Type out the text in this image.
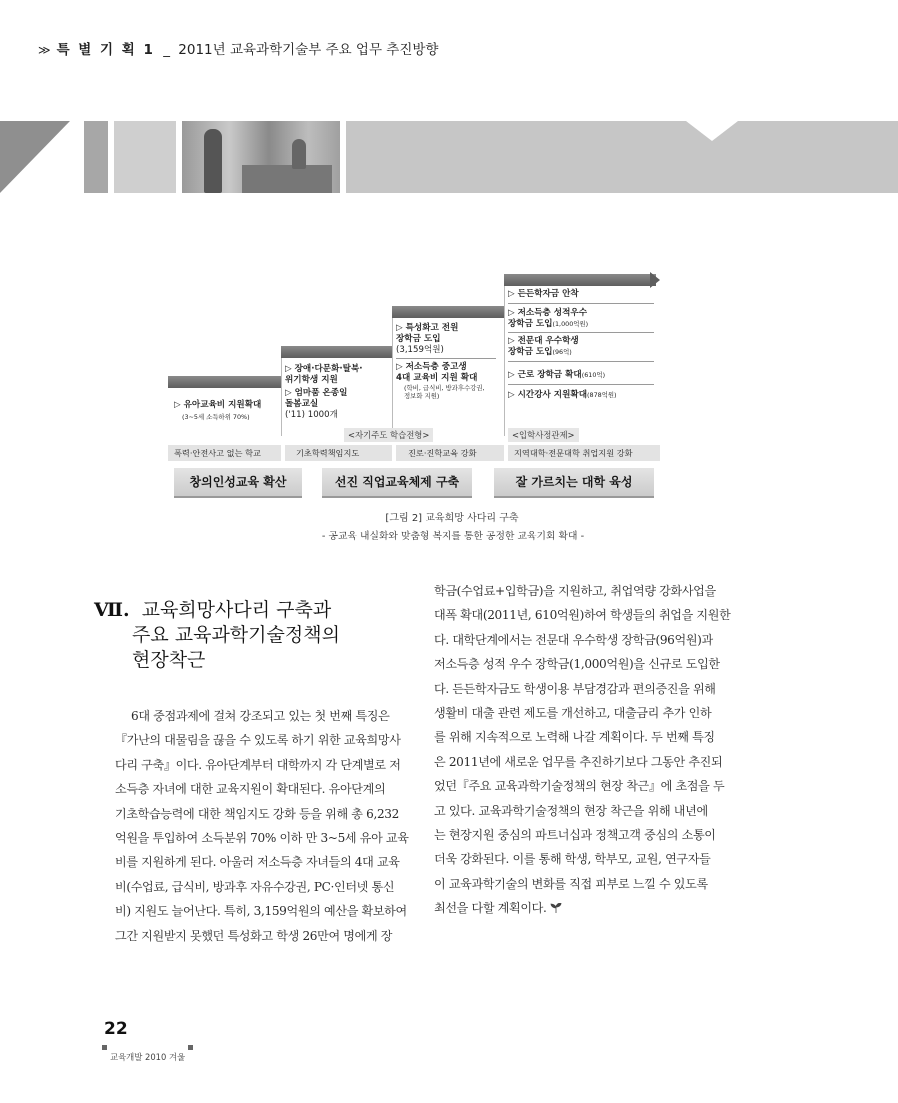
≫ 특 별 기 획 1 _ 2011년 교육과학기술부 주요 업무 추진방향
▷ 유아교육비 지원확대
(3~5세 소득하위 70%)
▷ 장애·다문화·탈북·
위기학생 지원
▷ 엄마품 온종일
돌봄교실
('11) 1000개
▷ 특성화고 전원
장학금 도입
(3,159억원)
▷ 저소득층 중고생
4대 교육비 지원 확대
(학비, 급식비, 방과후수강권,
정보화 지원)
▷ 든든학자금 안착
▷ 저소득층 성적우수
장학금 도입(1,000억원)
▷ 전문대 우수학생
장학금 도입(96억)
▷ 근로 장학금 확대(610억)
▷ 시간강사 지원확대(878억원)
<자기주도 학습전형>	<입학사정관제>
폭력·안전사고 없는 학교	기초학력책임지도	진로·진학교육 강화	지역대학·전문대학 취업지원 강화
창의인성교육 확산	선진 직업교육체제 구축	잘 가르치는 대학 육성
[그림 2] 교육희망 사다리 구축
- 공교육 내실화와 맞춤형 복지를 통한 공정한 교육기회 확대 -
Ⅶ. 교육희망사다리 구축과
주요 교육과학기술정책의
현장착근
6대 중점과제에 걸쳐 강조되고 있는 첫 번째 특징은
『가난의 대물림을 끊을 수 있도록 하기 위한 교육희망사
다리 구축』이다. 유아단계부터 대학까지 각 단계별로 저
소득층 자녀에 대한 교육지원이 확대된다. 유아단계의
기초학습능력에 대한 책임지도 강화 등을 위해 총 6,232
억원을 투입하여 소득분위 70% 이하 만 3~5세 유아 교육
비를 지원하게 된다. 아울러 저소득층 자녀들의 4대 교육
비(수업료, 급식비, 방과후 자유수강권, PC·인터넷 통신
비) 지원도 늘어난다. 특히, 3,159억원의 예산을 확보하여
그간 지원받지 못했던 특성화고 학생 26만여 명에게 장
학금(수업료+입학금)을 지원하고, 취업역량 강화사업을
대폭 확대(2011년, 610억원)하여 학생들의 취업을 지원한
다. 대학단계에서는 전문대 우수학생 장학금(96억원)과
저소득층 성적 우수 장학금(1,000억원)을 신규로 도입한
다. 든든학자금도 학생이용 부담경감과 편의증진을 위해
생활비 대출 관련 제도를 개선하고, 대출금리 추가 인하
를 위해 지속적으로 노력해 나갈 계획이다. 두 번째 특징
은 2011년에 새로운 업무를 추진하기보다 그동안 추진되
었던『주요 교육과학기술정책의 현장 착근』에 초점을 두
고 있다. 교육과학기술정책의 현장 착근을 위해 내년에
는 현장지원 중심의 파트너십과 정책고객 중심의 소통이
더욱 강화된다. 이를 통해 학생, 학부모, 교원, 연구자들
이 교육과학기술의 변화를 직접 피부로 느낄 수 있도록
최선을 다할 계획이다.
22
교육개발 2010 겨울
